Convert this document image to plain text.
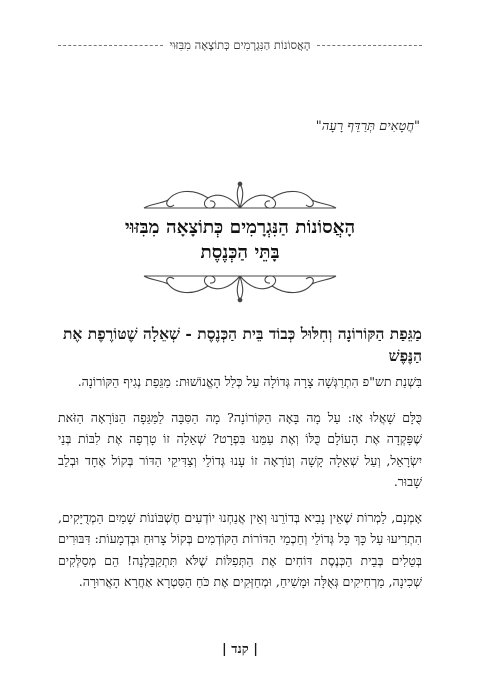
הָאֲסוֹנוֹת הַנִּגְרָמִים כְּתוֹצָאָה מִבִּזּוּי
"חֲטָאִים תְּרַדֵּף רָעָה"
הָאֲסוֹנוֹת הַנִּגְרָמִים כְּתוֹצָאָה מִבִּזּוּי
בָּתֵּי הַכְּנֶסֶת
מַגֵּפַת הַקּוֹרוֹנָה וְחִלּוּל כְּבוֹד בֵּית הַכְּנֶסֶת - שְׁאֵלָה שֶׁטּוֹרֶפֶת אֶת הַנֶּפֶשׁ

בִּשְׁנַת תש"פ הִתְרַגְּשָׁה צָרָה גְּדוֹלָה עַל כְּלַל הָאֱנוֹשׁוּת: מַגֵּפַת נְגִיף הַקּוֹרוֹנָה.

כֻּלָּם שָׁאֲלוּ אָז: עַל מָה בָּאָה הַקּוֹרוֹנָה? מָה הַסִּבָּה לַמַּגֵּפָה הַנּוֹרָאָה הַזֹּאת שֶׁפָּקְדָה אֶת הָעוֹלָם כֻּלּוֹ וְאֶת עַמֵּנוּ בִּפְרָט? שְׁאֵלָה זוֹ טָרְפָה אֶת לִבּוֹת בְּנֵי יִשְׂרָאֵל, וְעַל שְׁאֵלָה קָשָׁה וְנוֹרָאָה זוֹ עָנוּ גְּדוֹלֵי וְצַדִּיקֵי הַדּוֹר בְּקוֹל אֶחָד וּבְלֵב שָׁבוּר.

אָמְנָם, לַמְרוֹת שֶׁאֵין נָבִיא בְּדוֹרֵנוּ וְאֵין אֲנַחְנוּ יוֹדְעִים חֶשְׁבּוֹנוֹת שָׁמַיִם הַמְדֻיָּקִים, הִתְרִיעוּ עַל כָּךְ כָּל גְּדוֹלֵי וְחַכְמֵי הַדּוֹרוֹת הַקּוֹדְמִים בְּקוֹל צָרוּחַ וּבְדְמָעוֹת: דִּבּוּרִים בְּטֵלִים בְּבֵית הַכְּנֶסֶת דּוֹחִים אֶת הַתְּפִלּוֹת שֶׁלֹּא תִּתְקַבֵּלְנָה! הֵם מְסַלְּקִים שְׁכִינָה, מַרְחִיקִים גְּאֻלָּה וּמָשִׁיחַ, וּמְחַזְּקִים אֶת כֹּחַ הַסִּטְרָא אַחֲרָא הָאֲרוּרָה.

| קנד |
